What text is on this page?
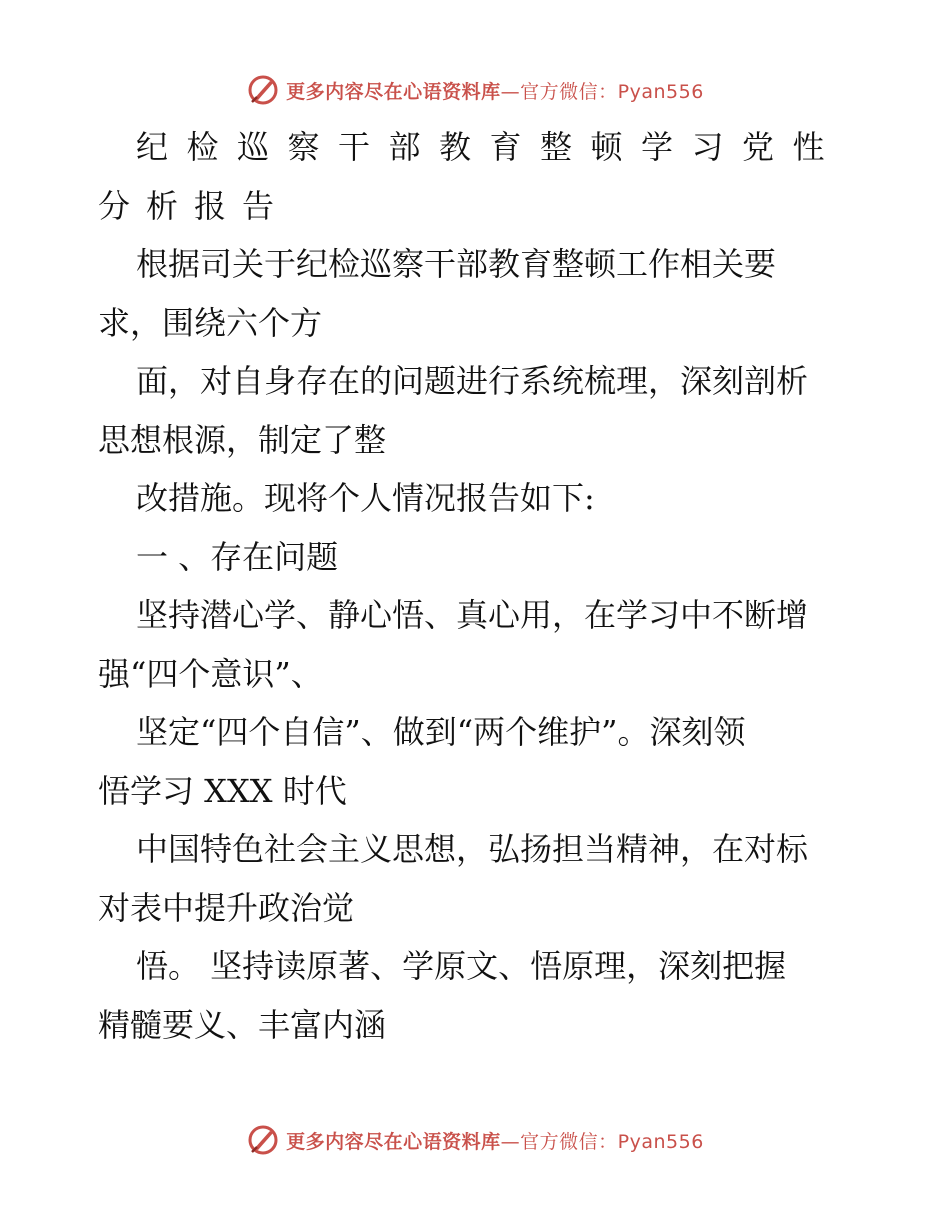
更多内容尽在心语资料库—官方微信：Pyan556
纪检巡察干部教育整顿学习党性
分析报告
根据司关于纪检巡察干部教育整顿工作相关要
求，围绕六个方
面，对自身存在的问题进行系统梳理，深刻剖析
思想根源，制定了整
改措施。现将个人情况报告如下:
一 、存在问题
坚持潜心学、静心悟、真心用，在学习中不断增
强“四个意识”、
坚定“四个自信”、做到“两个维护”。深刻领
悟学习 XXX 时代
中国特色社会主义思想，弘扬担当精神，在对标
对表中提升政治觉
悟。 坚持读原著、学原文、悟原理，深刻把握
精髓要义、丰富内涵
更多内容尽在心语资料库—官方微信：Pyan556
